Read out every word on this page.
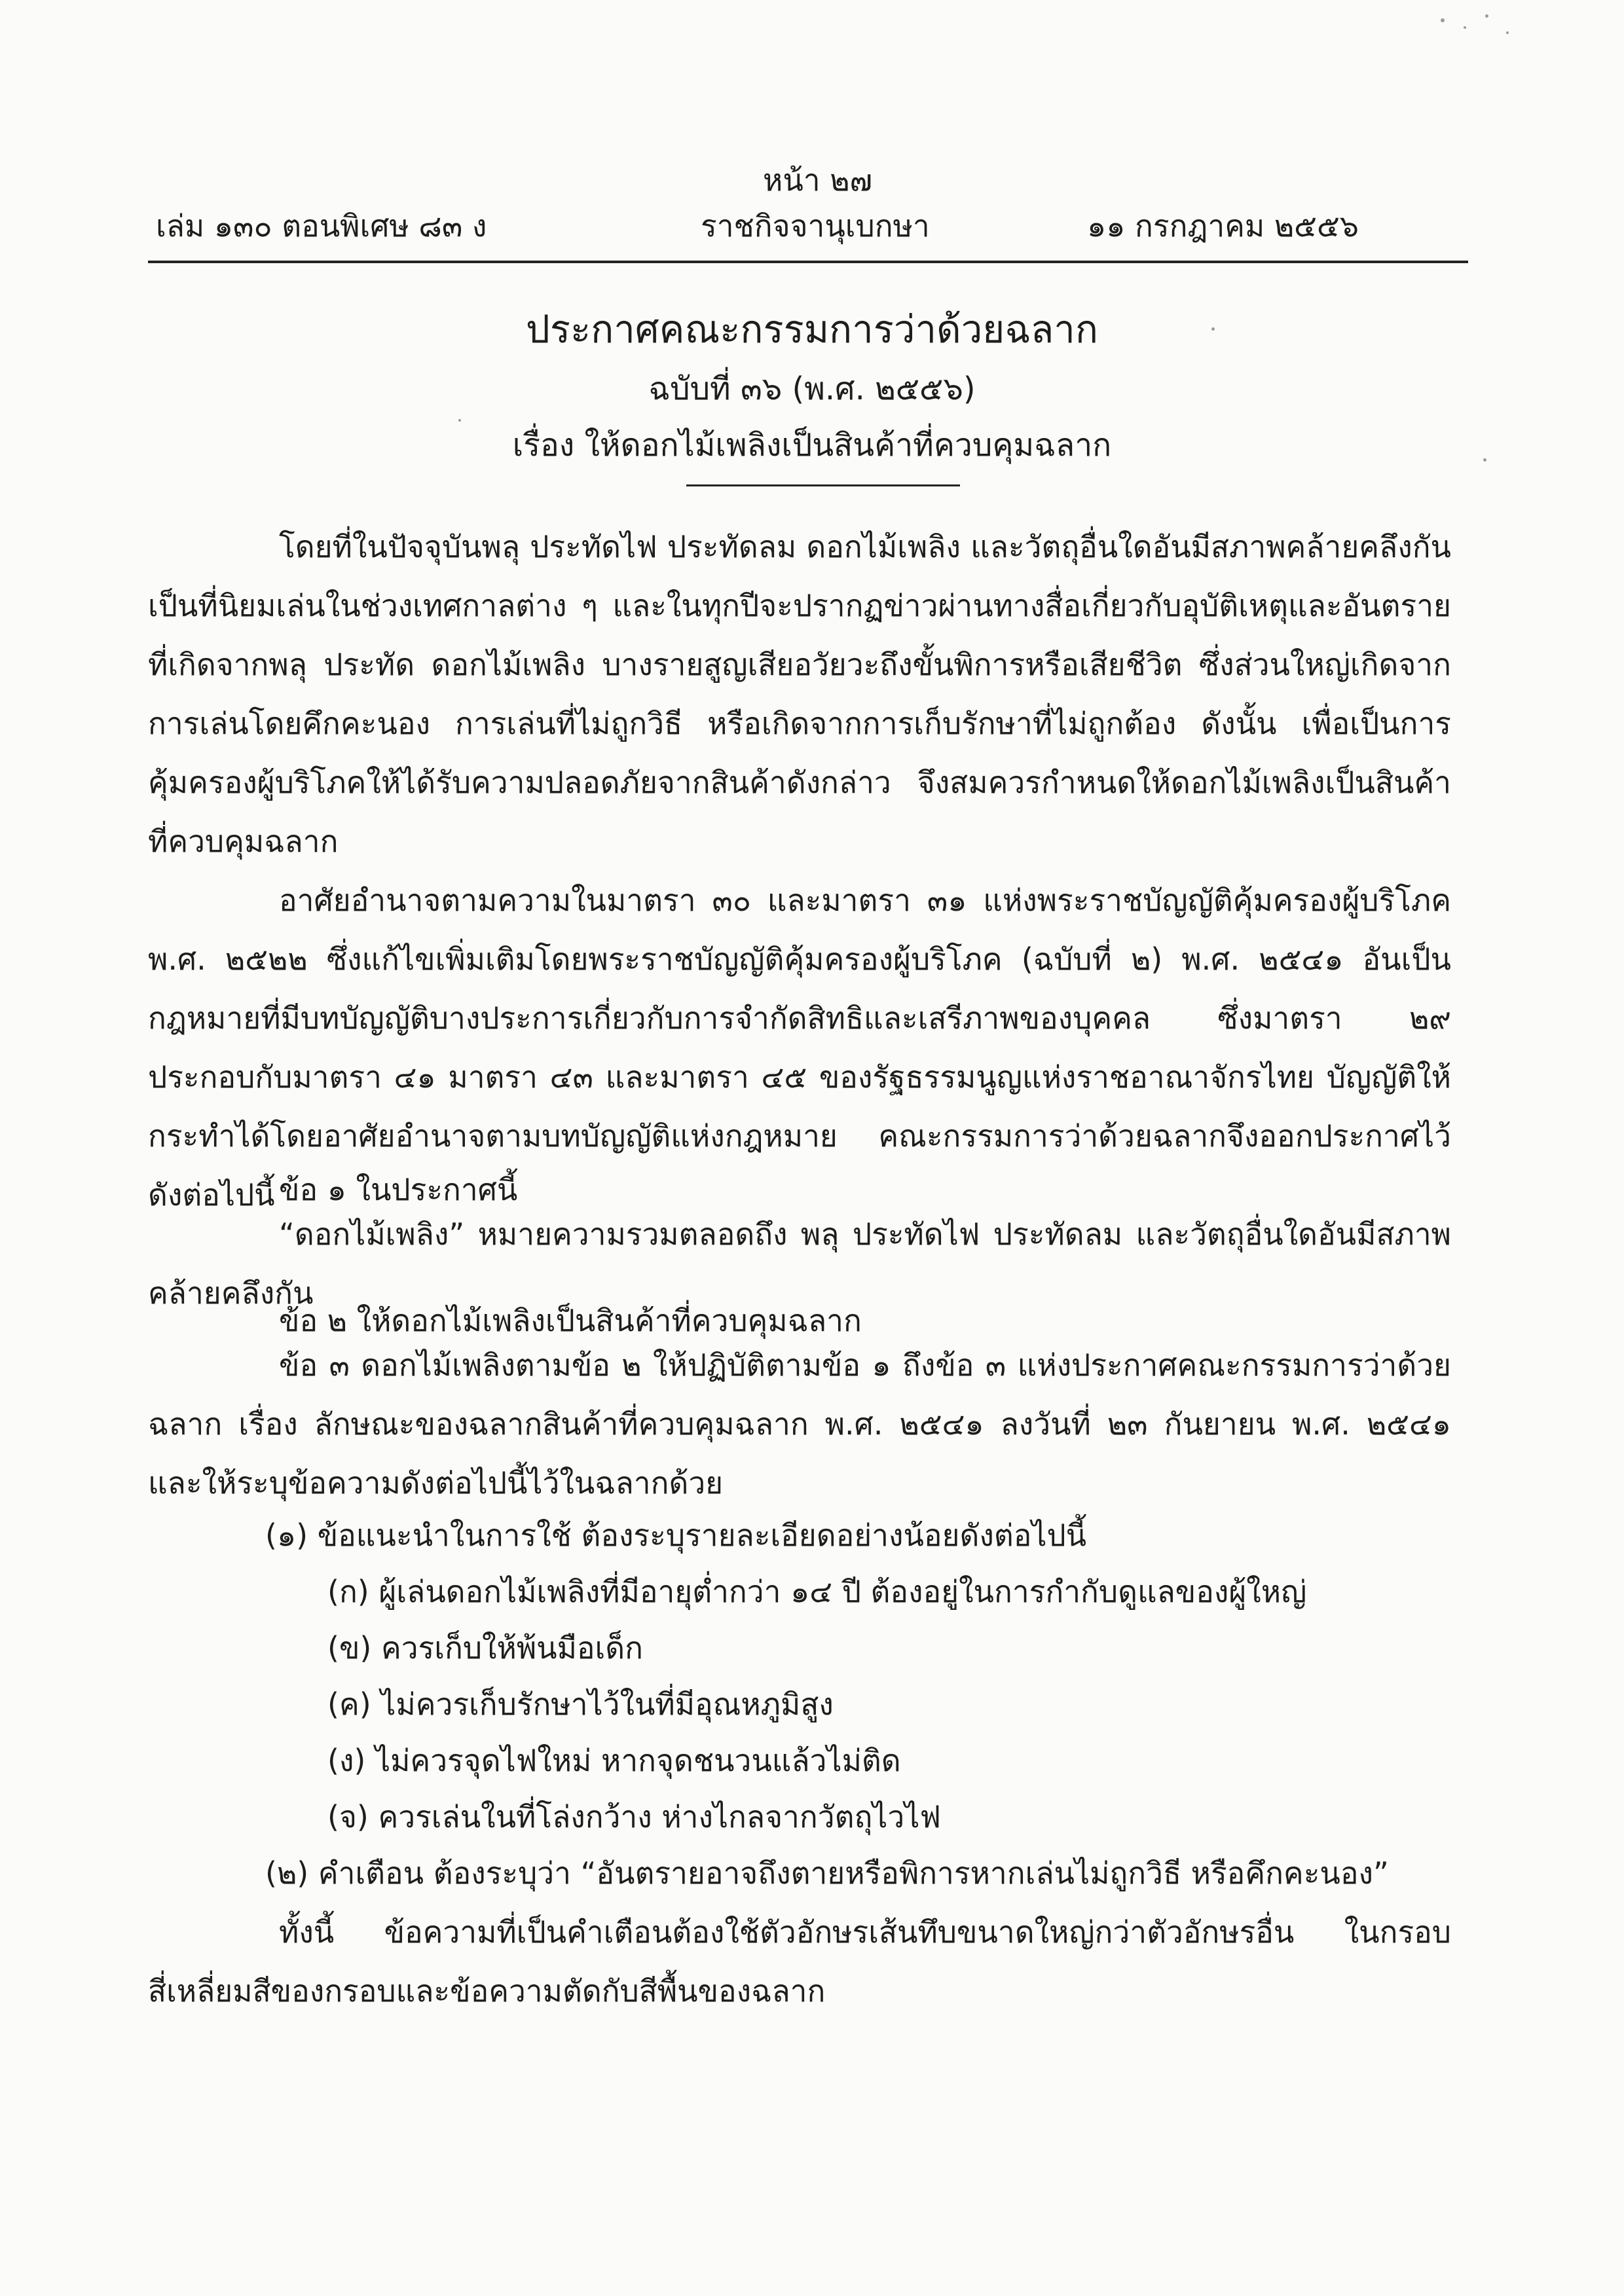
หน้า ๒๗
เล่ม ๑๓๐ ตอนพิเศษ ๘๓ ง	ราชกิจจานุเบกษา	๑๑ กรกฎาคม ๒๕๕๖
ประกาศคณะกรรมการว่าด้วยฉลาก
ฉบับที่ ๓๖ (พ.ศ. ๒๕๕๖)
เรื่อง ให้ดอกไม้เพลิงเป็นสินค้าที่ควบคุมฉลาก
โดยที่ในปัจจุบันพลุ ประทัดไฟ ประทัดลม ดอกไม้เพลิง และวัตถุอื่นใดอันมีสภาพคล้ายคลึงกันเป็นที่นิยมเล่นในช่วงเทศกาลต่าง ๆ และในทุกปีจะปรากฏข่าวผ่านทางสื่อเกี่ยวกับอุบัติเหตุและอันตรายที่เกิดจากพลุ ประทัด ดอกไม้เพลิง บางรายสูญเสียอวัยวะถึงขั้นพิการหรือเสียชีวิต ซึ่งส่วนใหญ่เกิดจากการเล่นโดยคึกคะนอง การเล่นที่ไม่ถูกวิธี หรือเกิดจากการเก็บรักษาที่ไม่ถูกต้อง ดังนั้น เพื่อเป็นการคุ้มครองผู้บริโภคให้ได้รับความปลอดภัยจากสินค้าดังกล่าว จึงสมควรกำหนดให้ดอกไม้เพลิงเป็นสินค้าที่ควบคุมฉลาก
อาศัยอำนาจตามความในมาตรา ๓๐ และมาตรา ๓๑ แห่งพระราชบัญญัติคุ้มครองผู้บริโภค พ.ศ. ๒๕๒๒ ซึ่งแก้ไขเพิ่มเติมโดยพระราชบัญญัติคุ้มครองผู้บริโภค (ฉบับที่ ๒) พ.ศ. ๒๕๔๑ อันเป็นกฎหมายที่มีบทบัญญัติบางประการเกี่ยวกับการจำกัดสิทธิและเสรีภาพของบุคคล ซึ่งมาตรา ๒๙ ประกอบกับมาตรา ๔๑ มาตรา ๔๓ และมาตรา ๔๕ ของรัฐธรรมนูญแห่งราชอาณาจักรไทย บัญญัติให้กระทำได้โดยอาศัยอำนาจตามบทบัญญัติแห่งกฎหมาย คณะกรรมการว่าด้วยฉลากจึงออกประกาศไว้ ดังต่อไปนี้ ข้อ ๑ ในประกาศนี้
“ดอกไม้เพลิง” หมายความรวมตลอดถึง พลุ ประทัดไฟ ประทัดลม และวัตถุอื่นใดอันมีสภาพคล้ายคลึงกัน
ข้อ ๒ ให้ดอกไม้เพลิงเป็นสินค้าที่ควบคุมฉลาก
ข้อ ๓ ดอกไม้เพลิงตามข้อ ๒ ให้ปฏิบัติตามข้อ ๑ ถึงข้อ ๓ แห่งประกาศคณะกรรมการว่าด้วยฉลาก เรื่อง ลักษณะของฉลากสินค้าที่ควบคุมฉลาก พ.ศ. ๒๕๔๑ ลงวันที่ ๒๓ กันยายน พ.ศ. ๒๕๔๑ และให้ระบุข้อความดังต่อไปนี้ไว้ในฉลากด้วย
(๑) ข้อแนะนำในการใช้ ต้องระบุรายละเอียดอย่างน้อยดังต่อไปนี้
(ก) ผู้เล่นดอกไม้เพลิงที่มีอายุต่ำกว่า ๑๔ ปี ต้องอยู่ในการกำกับดูแลของผู้ใหญ่
(ข) ควรเก็บให้พ้นมือเด็ก
(ค) ไม่ควรเก็บรักษาไว้ในที่มีอุณหภูมิสูง
(ง) ไม่ควรจุดไฟใหม่ หากจุดชนวนแล้วไม่ติด
(จ) ควรเล่นในที่โล่งกว้าง ห่างไกลจากวัตถุไวไฟ
(๒) คำเตือน ต้องระบุว่า “อันตรายอาจถึงตายหรือพิการหากเล่นไม่ถูกวิธี หรือคึกคะนอง”
ทั้งนี้ ข้อความที่เป็นคำเตือนต้องใช้ตัวอักษรเส้นทึบขนาดใหญ่กว่าตัวอักษรอื่น ในกรอบสี่เหลี่ยมสีของกรอบและข้อความตัดกับสีพื้นของฉลาก
